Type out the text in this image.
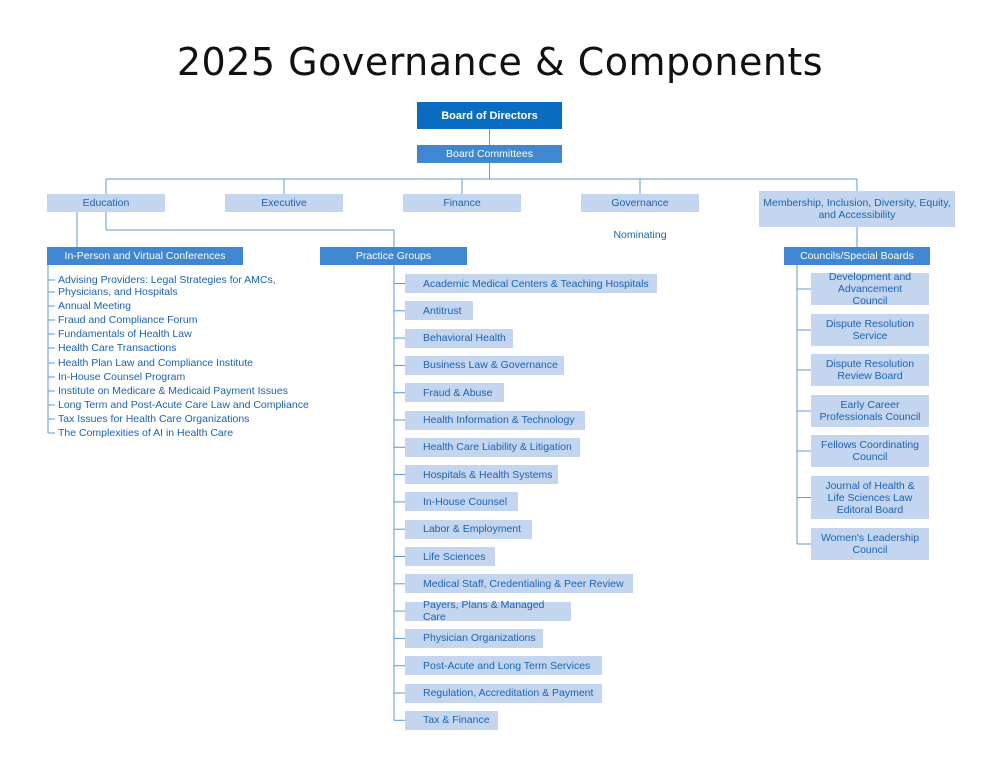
2025 Governance & Components
Board of Directors
Board Committees
Education	Executive	Finance	Governance	Membership, Inclusion, Diversity, Equity, and Accessibility
Nominating
In-Person and Virtual Conferences	Practice Groups	Councils/Special Boards
Advising Providers: Legal Strategies for AMCs,
Physicians, and Hospitals
Annual Meeting
Fraud and Compliance Forum
Fundamentals of Health Law
Health Care Transactions
Health Plan Law and Compliance Institute
In-House Counsel Program
Institute on Medicare & Medicaid Payment Issues
Long Term and Post-Acute Care Law and Compliance
Tax Issues for Health Care Organizations
The Complexities of AI in Health Care
Academic Medical Centers & Teaching Hospitals
Antitrust
Behavioral Health
Business Law & Governance
Fraud & Abuse
Health Information & Technology
Health Care Liability & Litigation
Hospitals & Health Systems
In-House Counsel
Labor & Employment
Life Sciences
Medical Staff, Credentialing & Peer Review
Payers, Plans & Managed Care
Physician Organizations
Post-Acute and Long Term Services
Regulation, Accreditation & Payment
Tax & Finance
Development and Advancement Council
Dispute Resolution Service
Dispute Resolution Review Board
Early Career Professionals Council
Fellows Coordinating Council
Journal of Health & Life Sciences Law Editoral Board
Women's Leadership Council
